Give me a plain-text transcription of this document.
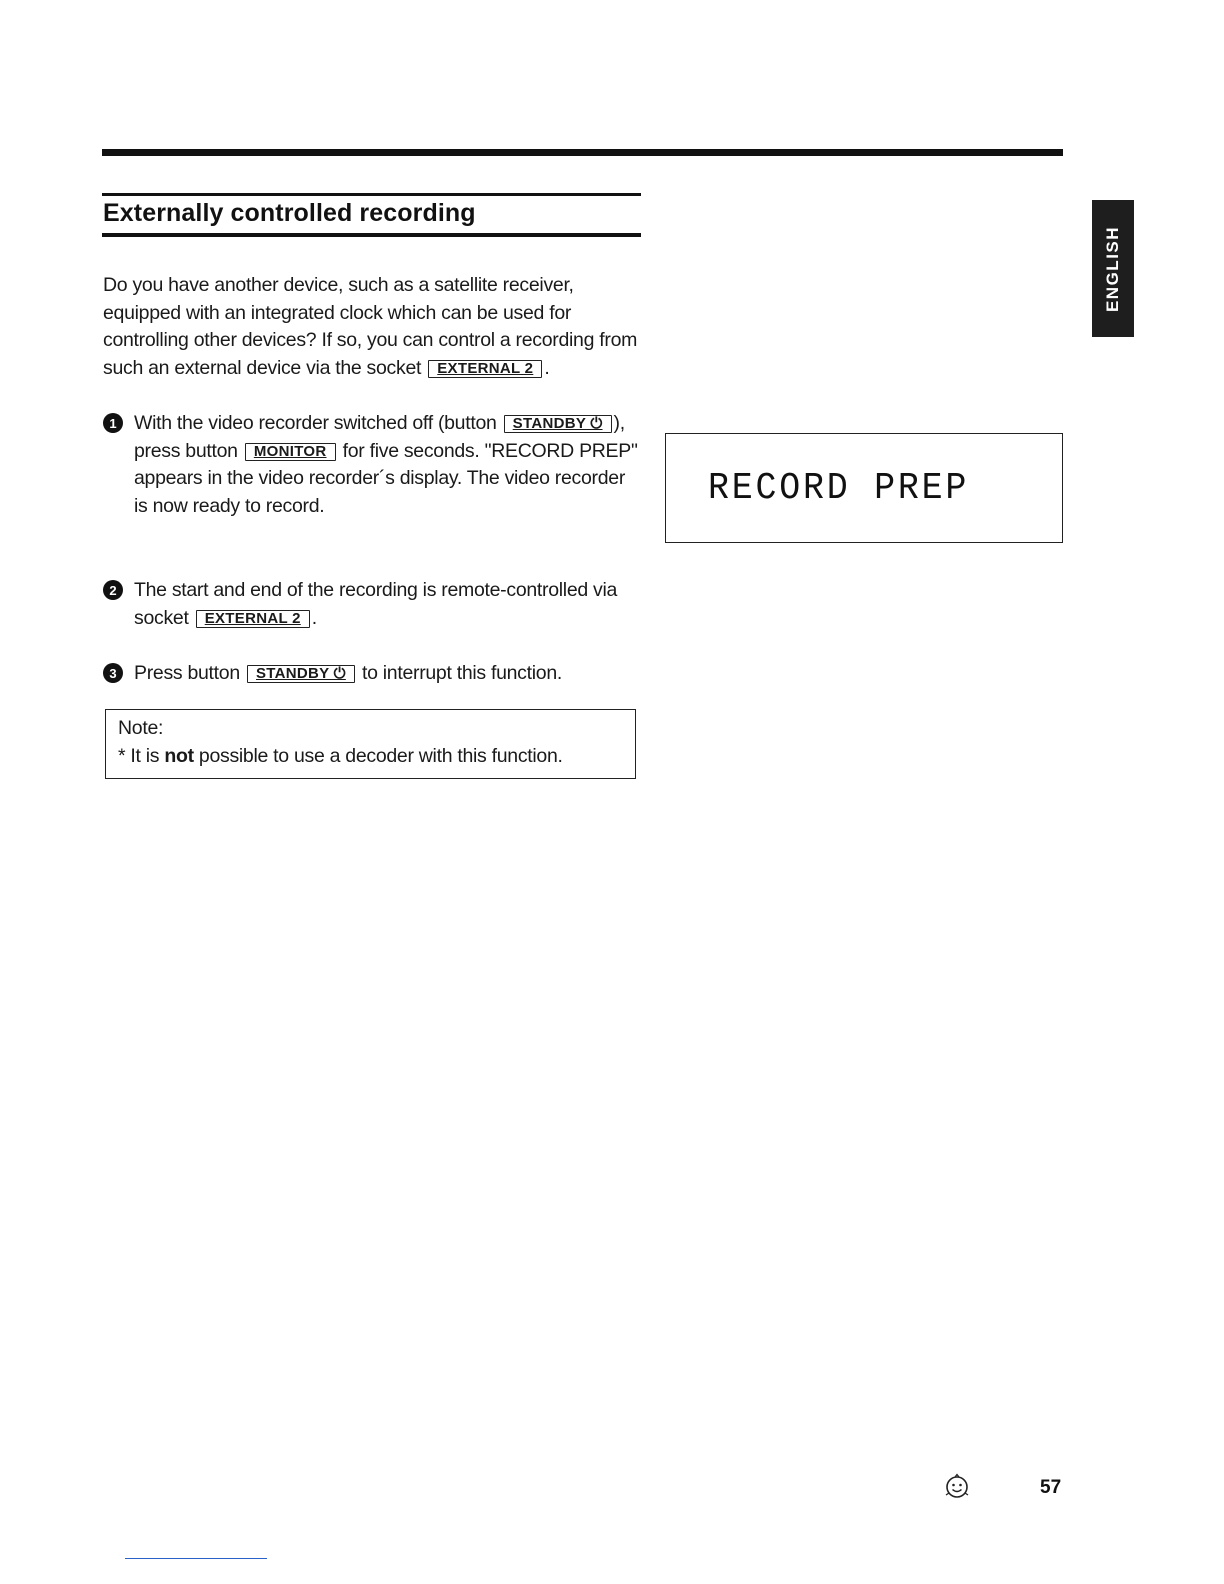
Externally controlled recording
ENGLISH

Do you have another device, such as a satellite receiver, equipped with an integrated clock which can be used for controlling other devices? If so, you can control a recording from such an external device via the socket EXTERNAL 2 .

1 With the video recorder switched off (button STANDBY ⏻ ), press button MONITOR for five seconds. "RECORD PREP" appears in the video recorder´s display. The video recorder is now ready to record.

2 The start and end of the recording is remote-controlled via socket EXTERNAL 2 .

3 Press button STANDBY ⏻ to interrupt this function.

Note:

* It is not possible to use a decoder with this function.

RECORD PREP

57
